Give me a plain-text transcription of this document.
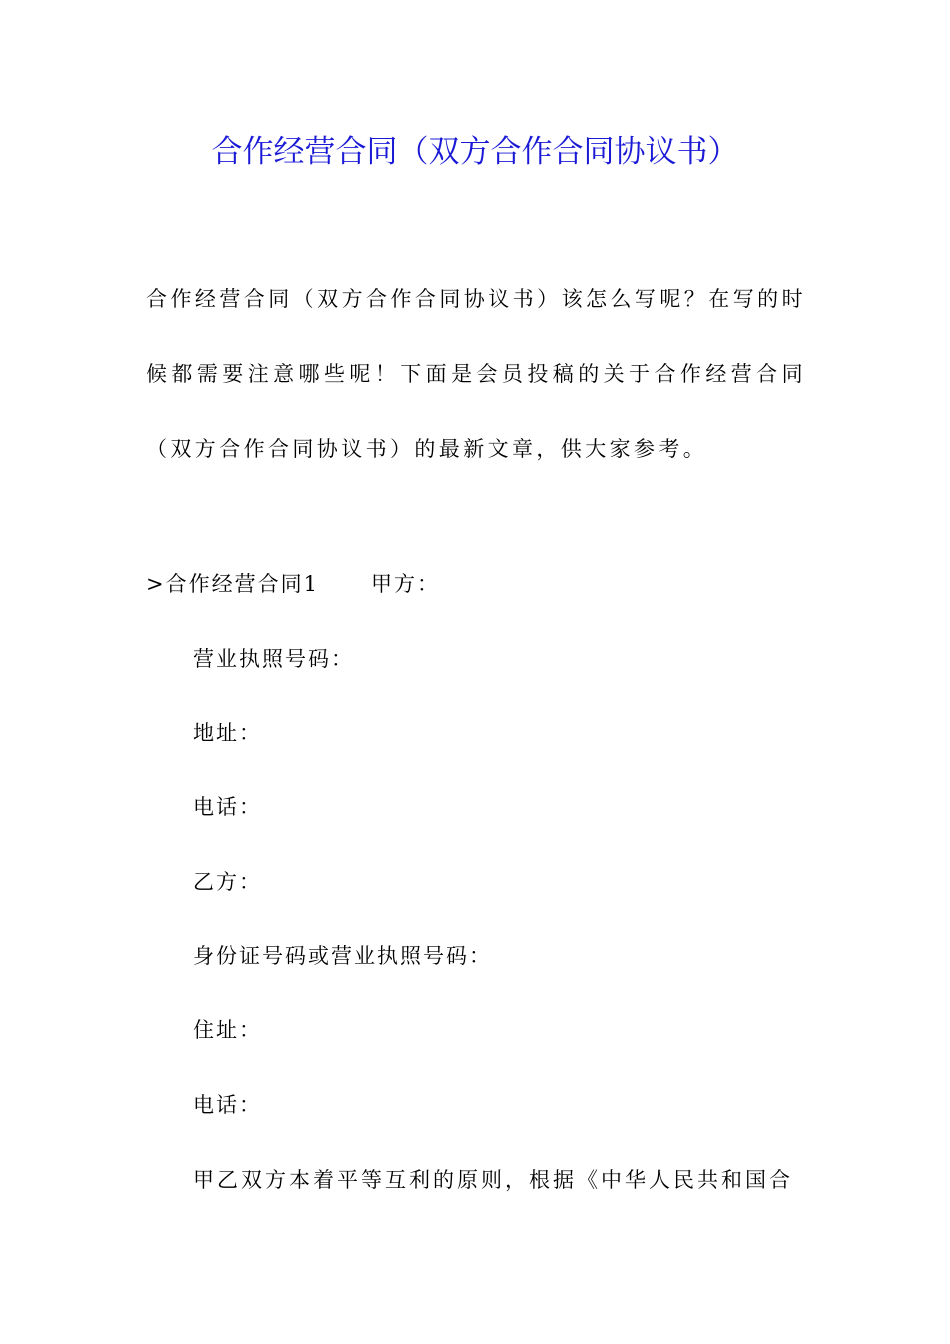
合作经营合同（双方合作合同协议书）
合作经营合同（双方合作合同协议书）该怎么写呢？在写的时候都需要注意哪些呢！下面是会员投稿的关于合作经营合同（双方合作合同协议书）的最新文章，供大家参考。
>合作经营合同1 甲方：
营业执照号码：
地址：
电话：
乙方：
身份证号码或营业执照号码：
住址：
电话：
甲乙双方本着平等互利的原则，根据《中华人民共和国合
